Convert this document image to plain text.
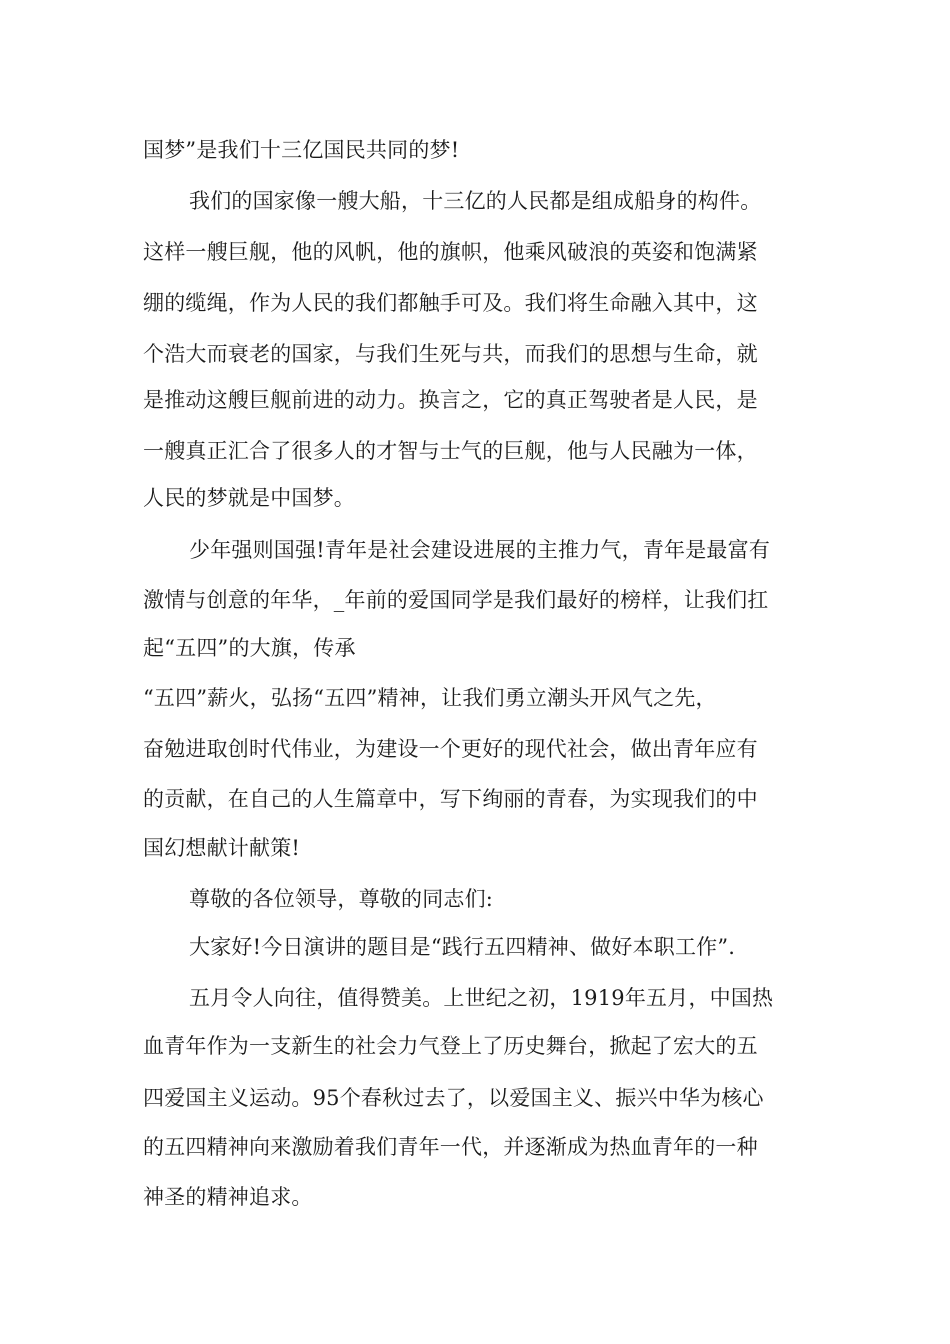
国梦”是我们十三亿国民共同的梦!
我们的国家像一艘大船，十三亿的人民都是组成船身的构件。
这样一艘巨舰，他的风帆，他的旗帜，他乘风破浪的英姿和饱满紧
绷的缆绳，作为人民的我们都触手可及。我们将生命融入其中，这
个浩大而衰老的国家，与我们生死与共，而我们的思想与生命，就
是推动这艘巨舰前进的动力。换言之，它的真正驾驶者是人民，是
一艘真正汇合了很多人的才智与士气的巨舰，他与人民融为一体，
人民的梦就是中国梦。
少年强则国强!青年是社会建设进展的主推力气，青年是最富有
激情与创意的年华，_年前的爱国同学是我们最好的榜样，让我们扛
起“五四”的大旗，传承
“五四”薪火，弘扬“五四”精神，让我们勇立潮头开风气之先，
奋勉进取创时代伟业，为建设一个更好的现代社会，做出青年应有
的贡献，在自己的人生篇章中，写下绚丽的青春，为实现我们的中
国幻想献计献策!
尊敬的各位领导，尊敬的同志们:
大家好!今日演讲的题目是“践行五四精神、做好本职工作”.
五月令人向往，值得赞美。上世纪之初，1919年五月，中国热
血青年作为一支新生的社会力气登上了历史舞台，掀起了宏大的五
四爱国主义运动。95个春秋过去了，以爱国主义、振兴中华为核心
的五四精神向来激励着我们青年一代，并逐渐成为热血青年的一种
神圣的精神追求。
